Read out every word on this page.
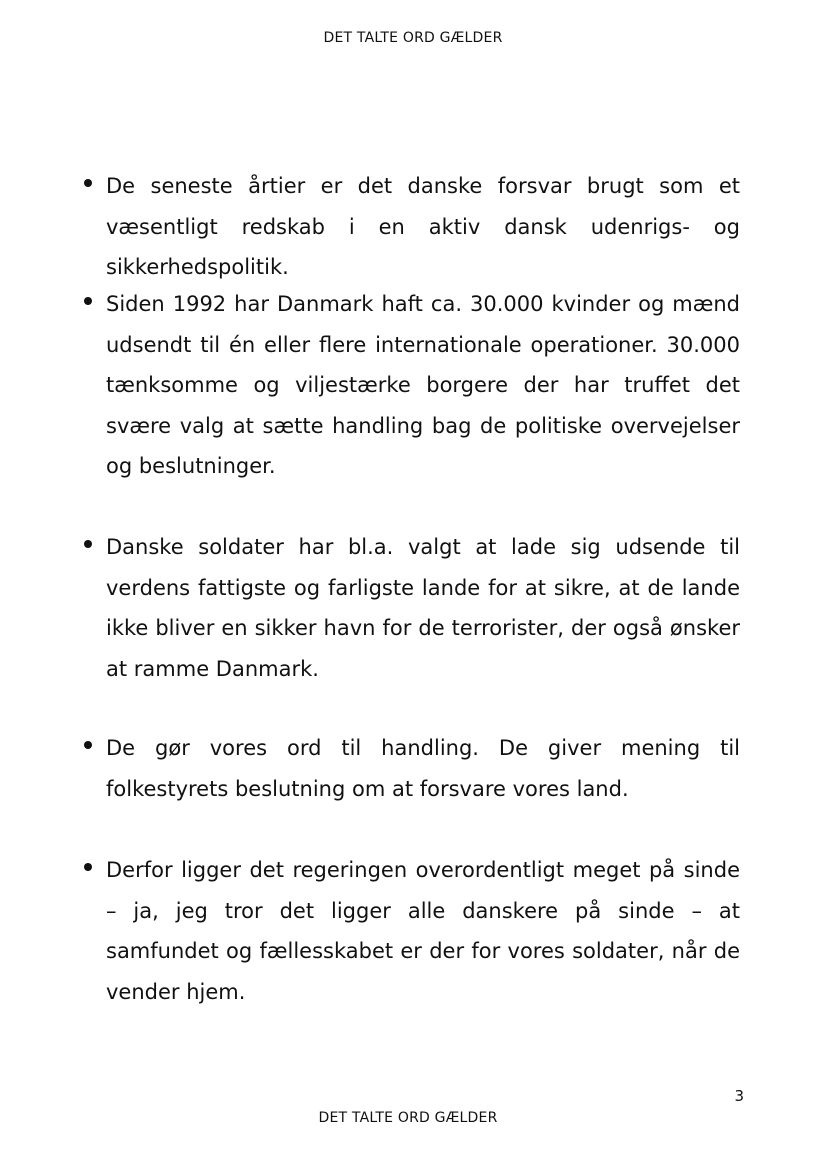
DET TALTE ORD GÆLDER

De seneste årtier er det danske forsvar brugt som et væsentligt redskab i en aktiv dansk udenrigs- og sikkerhedspolitik.

Siden 1992 har Danmark haft ca. 30.000 kvinder og mænd udsendt til én eller flere internationale operationer. 30.000 tænksomme og viljestærke borgere der har truffet det svære valg at sætte handling bag de politiske overvejelser og beslutninger.

Danske soldater har bl.a. valgt at lade sig udsende til verdens fattigste og farligste lande for at sikre, at de lande ikke bliver en sikker havn for de terrorister, der også ønsker at ramme Danmark.

De gør vores ord til handling. De giver mening til folkestyrets beslutning om at forsvare vores land.

Derfor ligger det regeringen overordentligt meget på sinde – ja, jeg tror det ligger alle danskere på sinde – at samfundet og fællesskabet er der for vores soldater, når de vender hjem.

3
DET TALTE ORD GÆLDER
